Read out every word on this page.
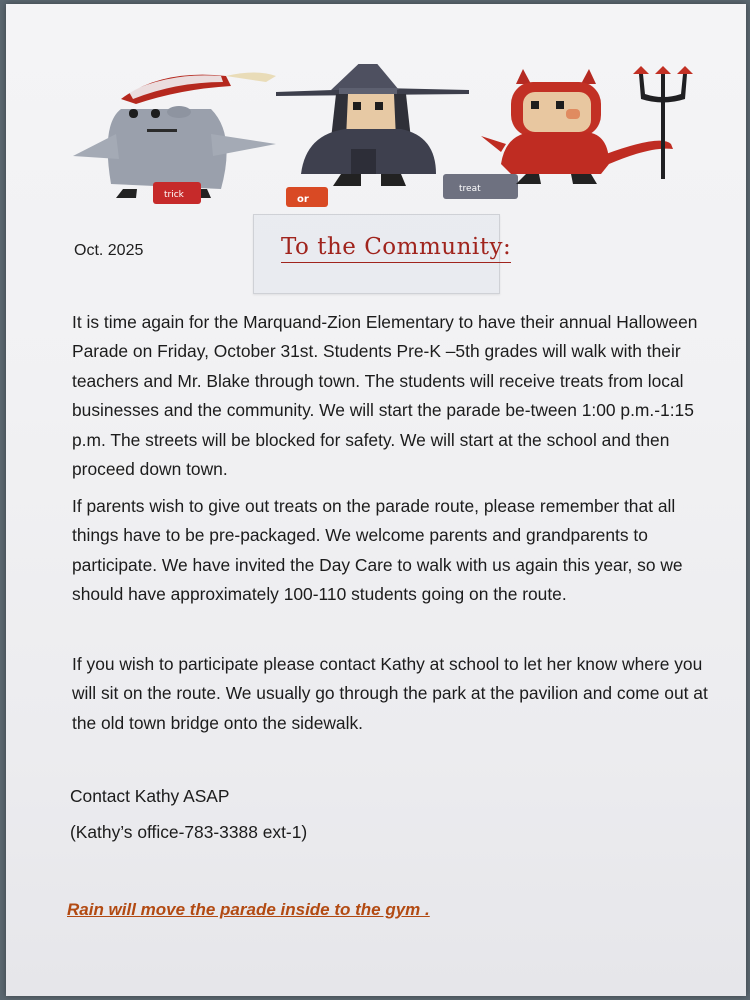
trick	or
treat
Oct. 2025	To the Community:

It is time again for the Marquand-Zion Elementary to have their annual Halloween Parade on Friday, October 31st. Students Pre-K –5th grades will walk with their teachers and Mr. Blake through town. The students will receive treats from local businesses and the community. We will start the parade be-tween 1:00 p.m.-1:15 p.m. The streets will be blocked for safety. We will start at the school and then proceed down town.

If parents wish to give out treats on the parade route, please remember that all things have to be pre-packaged. We welcome parents and grandparents to participate. We have invited the Day Care to walk with us again this year, so we should have approximately 100-110 students going on the route.

If you wish to participate please contact Kathy at school to let her know where you will sit on the route. We usually go through the park at the pavilion and come out at the old town bridge onto the sidewalk.

Contact Kathy ASAP
(Kathy’s office-783-3388 ext-1)
Rain will move the parade inside to the gym .
